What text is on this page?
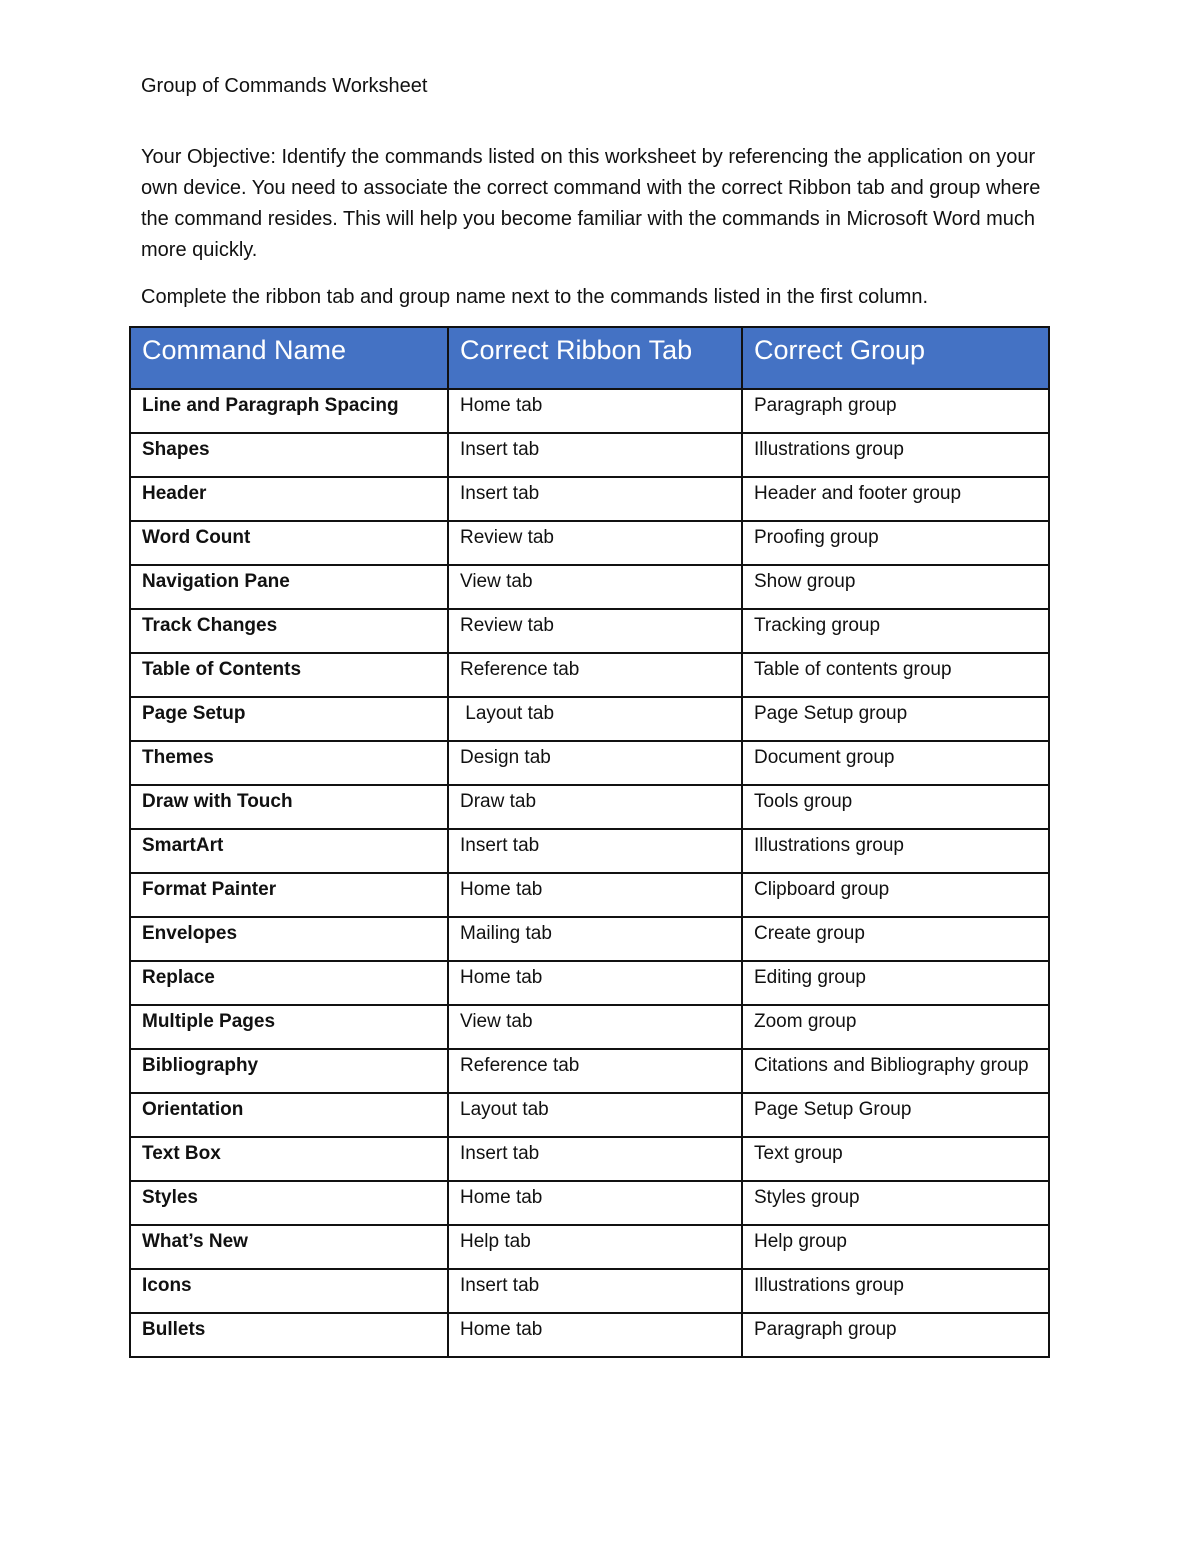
Group of Commands Worksheet
Your Objective: Identify the commands listed on this worksheet by referencing the application on your own device. You need to associate the correct command with the correct Ribbon tab and group where the command resides. This will help you become familiar with the commands in Microsoft Word much more quickly.
Complete the ribbon tab and group name next to the commands listed in the first column.
Command Name	Correct Ribbon Tab	Correct Group
Line and Paragraph Spacing	Home tab	Paragraph group
Shapes	Insert tab	Illustrations group
Header	Insert tab	Header and footer group
Word Count	Review tab	Proofing group
Navigation Pane	View tab	Show group
Track Changes	Review tab	Tracking group
Table of Contents	Reference tab	Table of contents group
Page Setup	Layout tab	Page Setup group
Themes	Design tab	Document group
Draw with Touch	Draw tab	Tools group
SmartArt	Insert tab	Illustrations group
Format Painter	Home tab	Clipboard group
Envelopes	Mailing tab	Create group
Replace	Home tab	Editing group
Multiple Pages	View tab	Zoom group
Bibliography	Reference tab	Citations and Bibliography group
Orientation	Layout tab	Page Setup Group
Text Box	Insert tab	Text group
Styles	Home tab	Styles group
What’s New	Help tab	Help group
Icons	Insert tab	Illustrations group
Bullets	Home tab	Paragraph group
